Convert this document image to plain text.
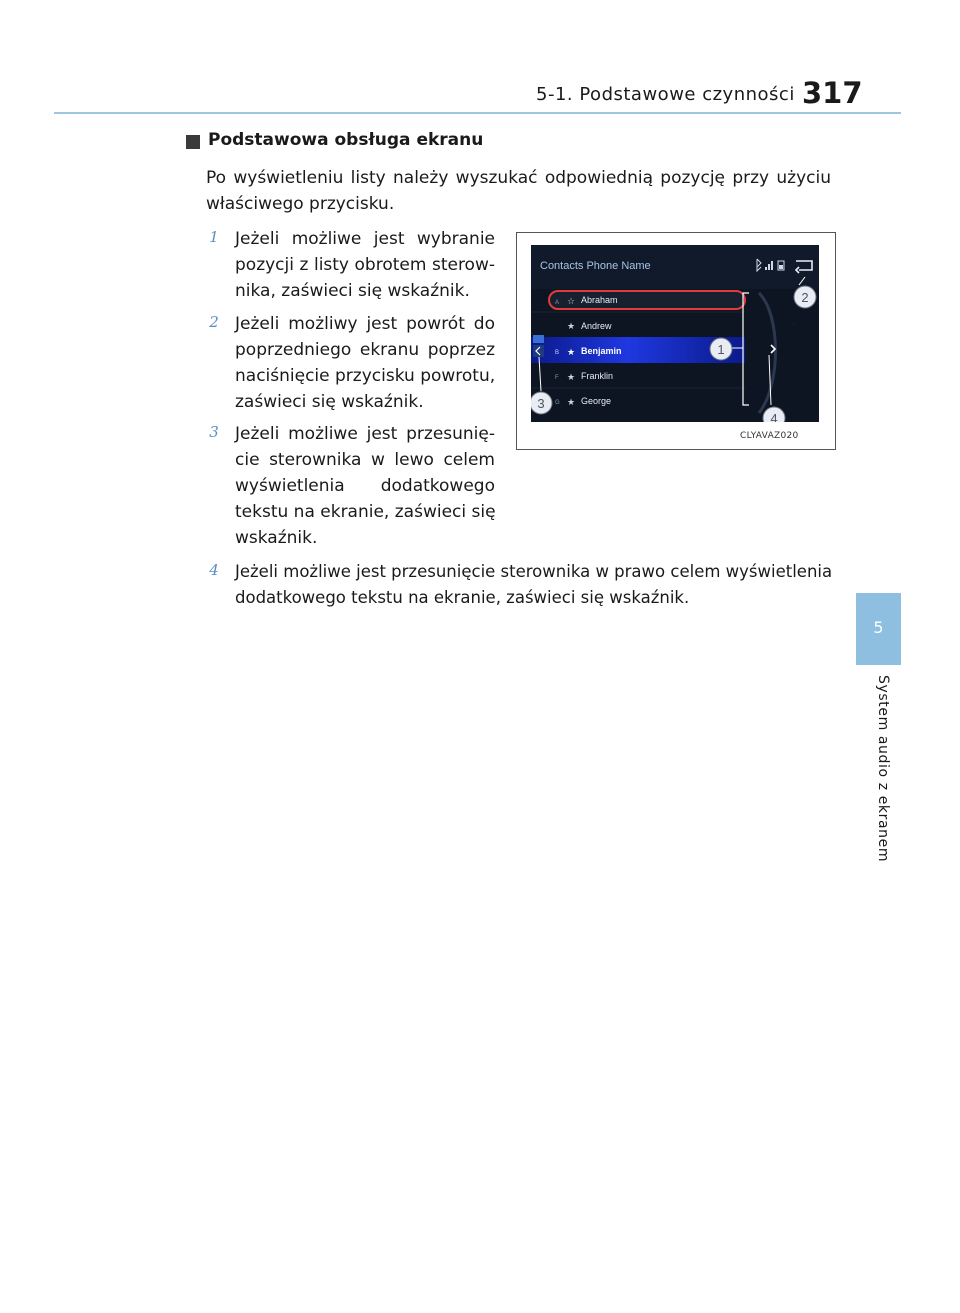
5-1. Podstawowe czynności 317
5
System audio z ekranem
Podstawowa obsługa ekranu
Po wyświetleniu listy należy wyszukać odpowiednią pozycję przy użyciu
właściwego przycisku.
1 Jeżeli możliwe jest wybranie
pozycji z listy obrotem sterow-
nika, zaświeci się wskaźnik.
2 Jeżeli możliwy jest powrót do
poprzedniego ekranu poprzez
naciśnięcie przycisku powrotu,
zaświeci się wskaźnik.
3 Jeżeli możliwe jest przesunię-
cie sterownika w lewo celem
wyświetlenia dodatkowego
tekstu na ekranie, zaświeci się
wskaźnik.
4 Jeżeli możliwe jest przesunięcie sterownika w prawo celem wyświetlenia
dodatkowego tekstu na ekranie, zaświeci się wskaźnik.
Contacts Phone Name
A ☆ Abraham
★ Andrew
B ★ Benjamin
F ★ Franklin
G ★ George
·
1
2
3
4
CLYAVAZ020
